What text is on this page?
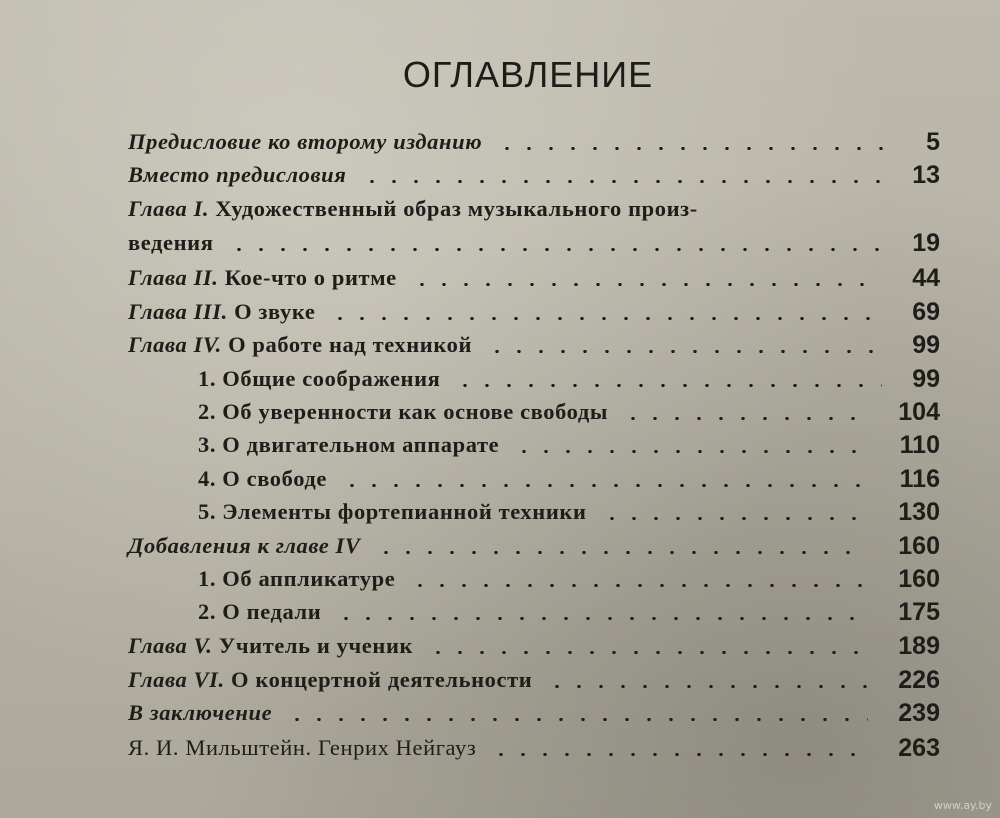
ОГЛАВЛЕНИЕ
Предисловие ко второму изданию	5
Вместо предисловия	13
Глава I. Художественный образ музыкального произ-
ведения	19
Глава II. Кое-что о ритме	44
Глава III. О звуке	69
Глава IV. О работе над техникой	99
1. Общие соображения	99
2. Об уверенности как основе свободы	104
3. О двигательном аппарате	110
4. О свободе	116
5. Элементы фортепианной техники	130
Добавления к главе IV	160
1. Об аппликатуре	160
2. О педали	175
Глава V. Учитель и ученик	189
Глава VI. О концертной деятельности	226
В заключение	239
Я. И. Мильштейн. Генрих Нейгауз	263
www.ay.by
